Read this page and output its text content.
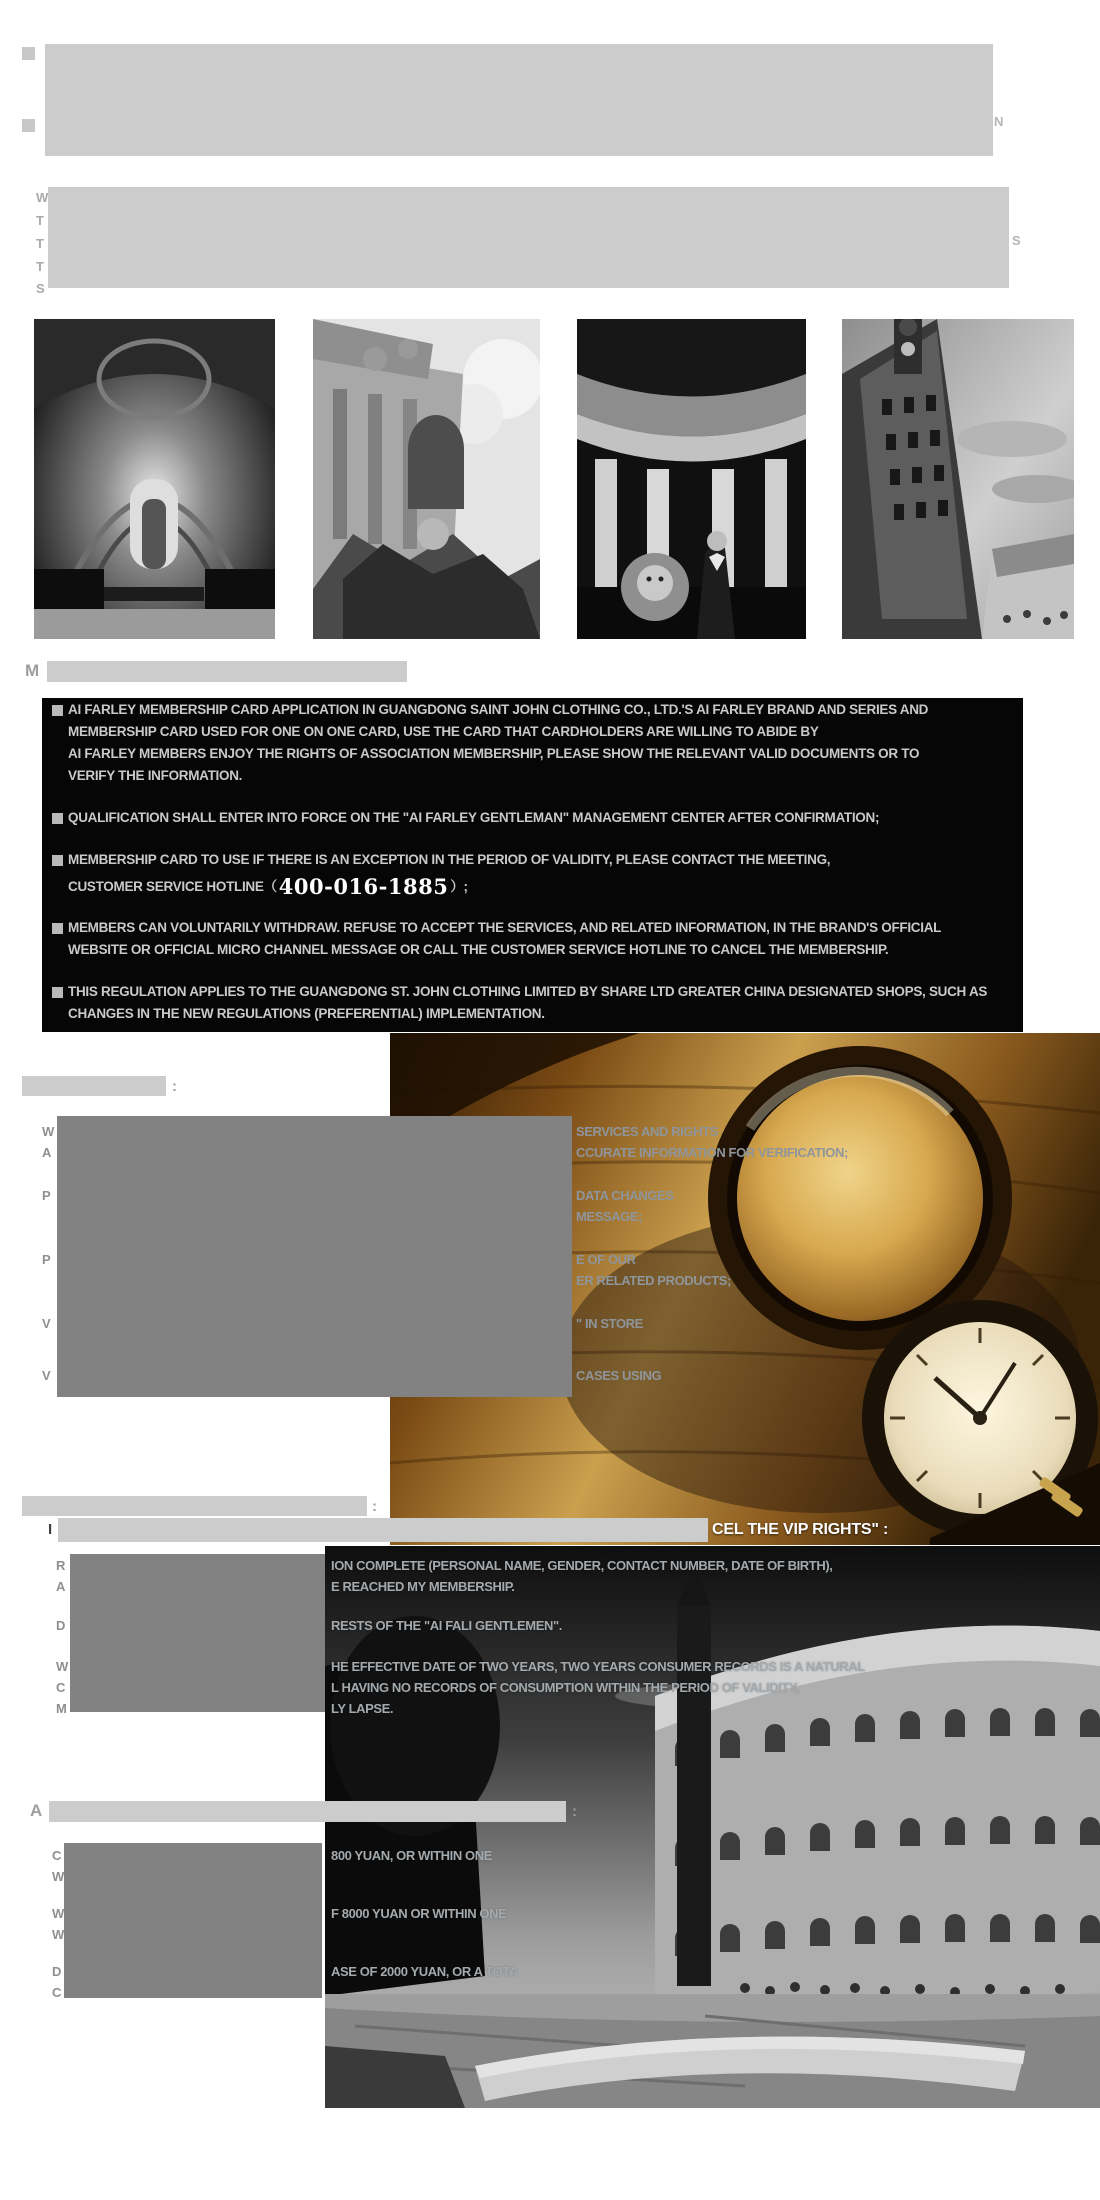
N
W
T
T
T
S
S
M
AI FARLEY MEMBERSHIP CARD APPLICATION IN GUANGDONG SAINT JOHN CLOTHING CO., LTD.'S AI FARLEY BRAND AND SERIES AND
MEMBERSHIP CARD USED FOR ONE ON ONE CARD, USE THE CARD THAT CARDHOLDERS ARE WILLING TO ABIDE BY
AI FARLEY MEMBERS ENJOY THE RIGHTS OF ASSOCIATION MEMBERSHIP, PLEASE SHOW THE RELEVANT VALID DOCUMENTS OR TO
VERIFY THE INFORMATION.
QUALIFICATION SHALL ENTER INTO FORCE ON THE "AI FARLEY GENTLEMAN" MANAGEMENT CENTER AFTER CONFIRMATION;
MEMBERSHIP CARD TO USE IF THERE IS AN EXCEPTION IN THE PERIOD OF VALIDITY, PLEASE CONTACT THE MEETING,
CUSTOMER SERVICE HOTLINE（400-016-1885 ）;
MEMBERS CAN VOLUNTARILY WITHDRAW. REFUSE TO ACCEPT THE SERVICES, AND RELATED INFORMATION, IN THE BRAND'S OFFICIAL
WEBSITE OR OFFICIAL MICRO CHANNEL MESSAGE OR CALL THE CUSTOMER SERVICE HOTLINE TO CANCEL THE MEMBERSHIP.
THIS REGULATION APPLIES TO THE GUANGDONG ST. JOHN CLOTHING LIMITED BY SHARE LTD GREATER CHINA DESIGNATED SHOPS, SUCH AS
CHANGES IN THE NEW REGULATIONS (PREFERENTIAL) IMPLEMENTATION.
:
W
A
P
P
V
V
SERVICES AND RIGHTS
CCURATE INFORMATION FOR VERIFICATION;
DATA CHANGES
MESSAGE;
E OF OUR
ER RELATED PRODUCTS;
" IN STORE
CASES USING
:
I	CEL THE VIP RIGHTS" :
R
A
D
W
C
M
ION COMPLETE (PERSONAL NAME, GENDER, CONTACT NUMBER, DATE OF BIRTH),
E REACHED MY MEMBERSHIP.
RESTS OF THE "AI FALI GENTLEMEN".
HE EFFECTIVE DATE OF TWO YEARS, TWO YEARS CONSUMER RECORDS IS A NATURAL
L HAVING NO RECORDS OF CONSUMPTION WITHIN THE PERIOD OF VALIDITY,
LY LAPSE.
A	:
C
W
W
W
D
C
800 YUAN, OR WITHIN ONE
F 8000 YUAN OR WITHIN ONE
ASE OF 2000 YUAN, OR A TOTA
